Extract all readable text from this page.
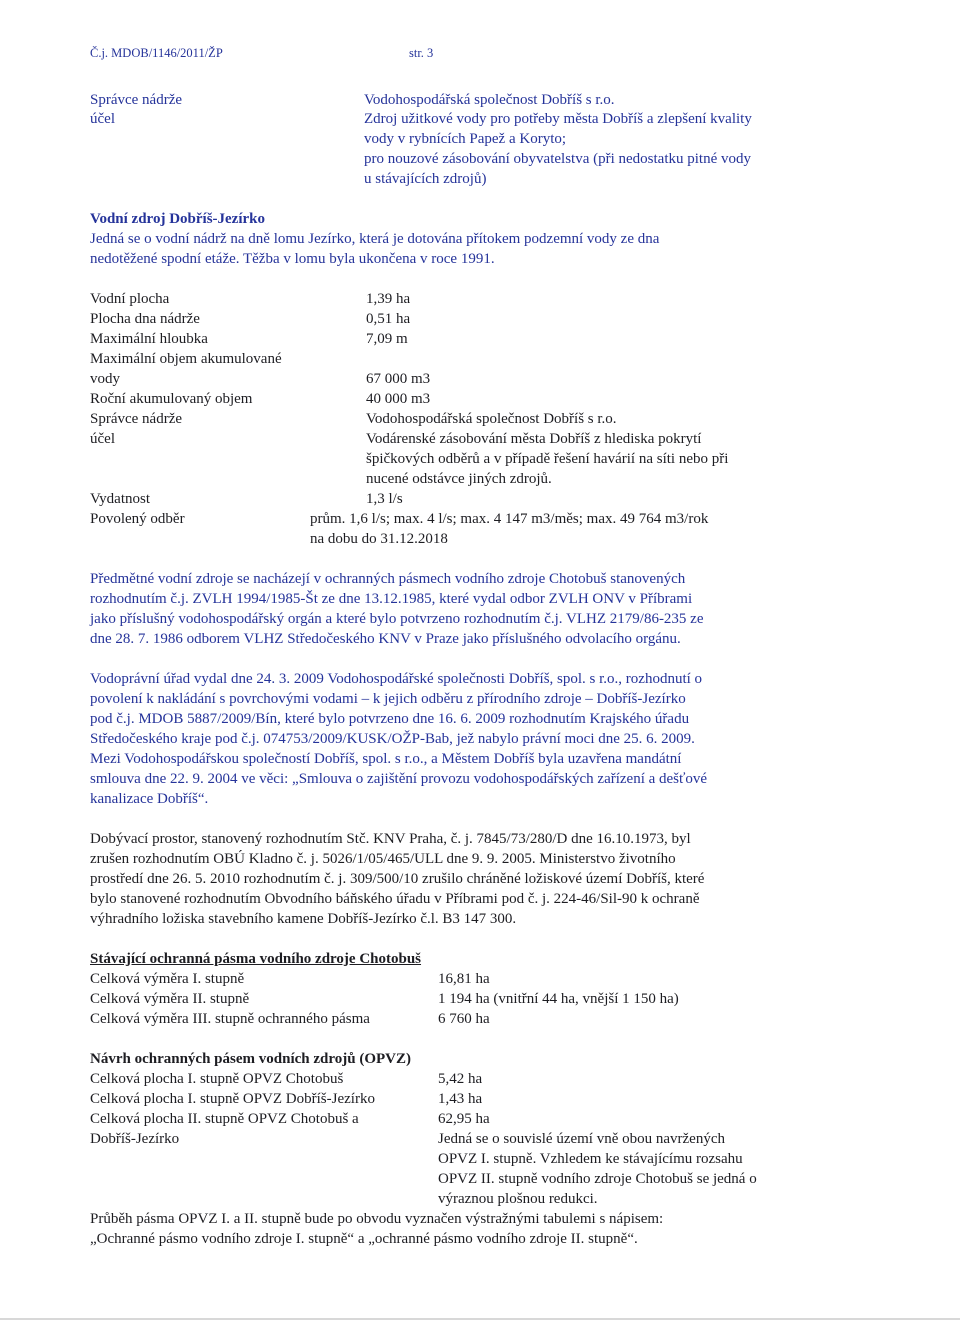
Č.j. MDOB/1146/2011/ŽP	str. 3
Správce nádrže	Vodohospodářská společnost Dobříš s r.o.
účel	Zdroj užitkové vody pro potřeby města Dobříš a zlepšení kvality
vody v rybnících Papež a Koryto;
pro nouzové zásobování obyvatelstva (při nedostatku pitné vody
u stávajících zdrojů)
Vodní zdroj Dobříš-Jezírko
Jedná se o vodní nádrž na dně lomu Jezírko, která je dotována přítokem podzemní vody ze dna
nedotěžené spodní etáže. Těžba v lomu byla ukončena v roce 1991.
Vodní plocha	1,39 ha
Plocha dna nádrže	0,51 ha
Maximální hloubka	7,09 m
Maximální objem akumulované
vody	67 000 m3
Roční akumulovaný objem	40 000 m3
Správce nádrže	Vodohospodářská společnost Dobříš s r.o.
účel	Vodárenské zásobování města Dobříš z hlediska pokrytí
špičkových odběrů a v případě řešení havárií na síti nebo při
nucené odstávce jiných zdrojů.
Vydatnost	1,3 l/s
Povolený odběr	prům. 1,6 l/s; max. 4 l/s; max. 4 147 m3/měs; max. 49 764 m3/rok
na dobu do 31.12.2018
Předmětné vodní zdroje se nacházejí v ochranných pásmech vodního zdroje Chotobuš stanovených
rozhodnutím č.j. ZVLH 1994/1985-Št ze dne 13.12.1985, které vydal odbor ZVLH ONV v Příbrami
jako příslušný vodohospodářský orgán a které bylo potvrzeno rozhodnutím č.j. VLHZ 2179/86-235 ze
dne 28. 7. 1986 odborem VLHZ Středočeského KNV v Praze jako příslušného odvolacího orgánu.
Vodoprávní úřad vydal dne 24. 3. 2009 Vodohospodářské společnosti Dobříš, spol. s r.o., rozhodnutí o
povolení k nakládání s povrchovými vodami – k jejich odběru z přírodního zdroje – Dobříš-Jezírko
pod č.j. MDOB 5887/2009/Bín, které bylo potvrzeno dne 16. 6. 2009 rozhodnutím Krajského úřadu
Středočeského kraje pod č.j. 074753/2009/KUSK/OŽP-Bab, jež nabylo právní moci dne 25. 6. 2009.
Mezi Vodohospodářskou společností Dobříš, spol. s r.o., a Městem Dobříš byla uzavřena mandátní
smlouva dne 22. 9. 2004 ve věci: „Smlouva o zajištění provozu vodohospodářských zařízení a dešťové
kanalizace Dobříš“.
Dobývací prostor, stanovený rozhodnutím Stč. KNV Praha, č. j. 7845/73/280/D dne 16.10.1973, byl
zrušen rozhodnutím OBÚ Kladno č. j. 5026/1/05/465/ULL dne 9. 9. 2005. Ministerstvo životního
prostředí dne 26. 5. 2010 rozhodnutím č. j. 309/500/10 zrušilo chráněné ložiskové území Dobříš, které
bylo stanovené rozhodnutím Obvodního báňského úřadu v Příbrami pod č. j. 224-46/Sil-90 k ochraně
výhradního ložiska stavebního kamene Dobříš-Jezírko č.l. B3 147 300.
Stávající ochranná pásma vodního zdroje Chotobuš
Celková výměra I. stupně	16,81 ha
Celková výměra II. stupně	1 194 ha (vnitřní 44 ha, vnější 1 150 ha)
Celková výměra III. stupně ochranného pásma	6 760 ha
Návrh ochranných pásem vodních zdrojů (OPVZ)
Celková plocha I. stupně OPVZ Chotobuš	5,42 ha
Celková plocha I. stupně OPVZ Dobříš-Jezírko	1,43 ha
Celková plocha II. stupně OPVZ Chotobuš a	62,95 ha
Dobříš-Jezírko	Jedná se o souvislé území vně obou navržených
OPVZ I. stupně. Vzhledem ke stávajícímu rozsahu
OPVZ II. stupně vodního zdroje Chotobuš se jedná o
výraznou plošnou redukci.
Průběh pásma OPVZ I. a II. stupně bude po obvodu vyznačen výstražnými tabulemi s nápisem:
„Ochranné pásmo vodního zdroje I. stupně“ a „ochranné pásmo vodního zdroje II. stupně“.
